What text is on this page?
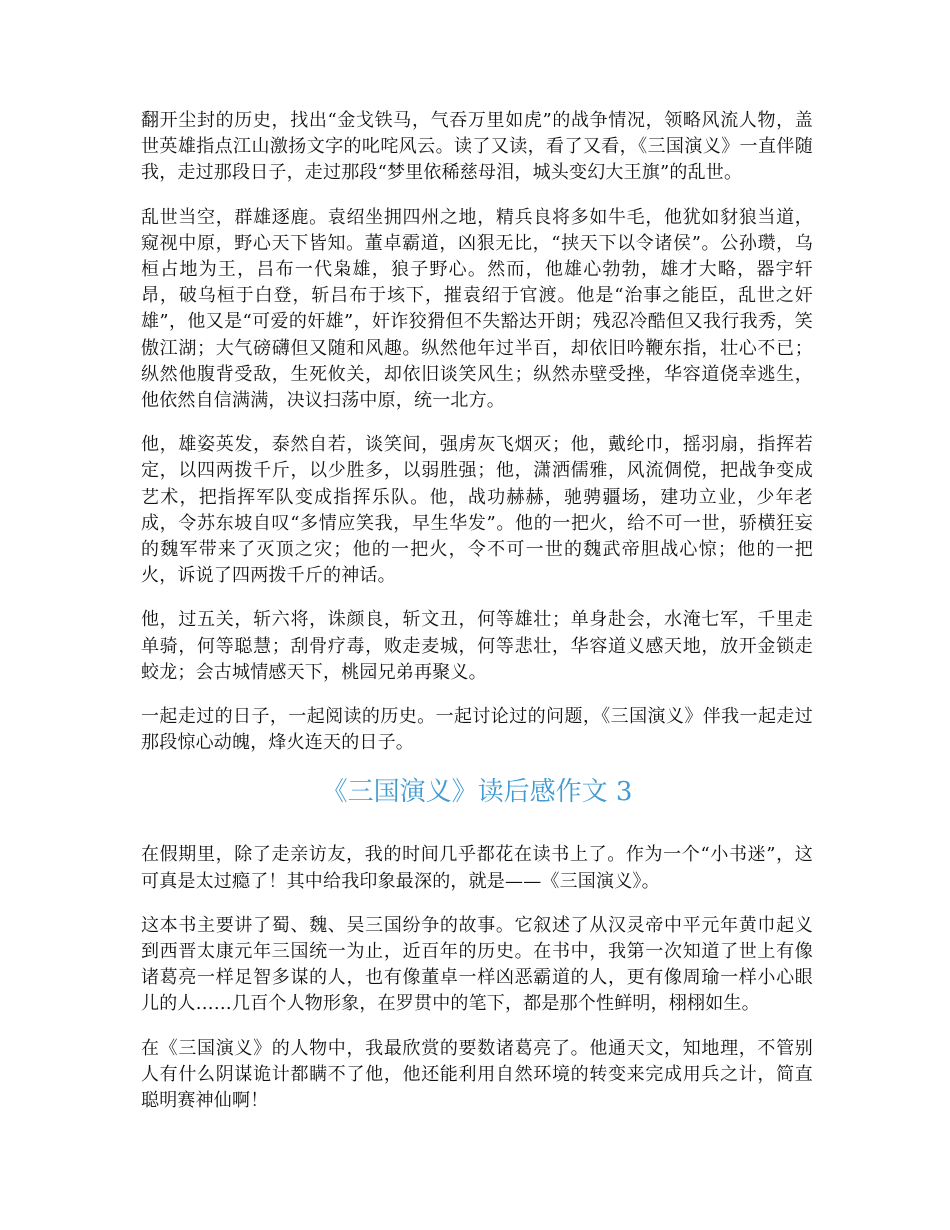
翻开尘封的历史，找出“金戈铁马，气吞万里如虎”的战争情况，领略风流人物，盖世英雄指点江山激扬文字的叱咤风云。读了又读，看了又看，《三国演义》一直伴随我，走过那段日子，走过那段“梦里依稀慈母泪，城头变幻大王旗”的乱世。

乱世当空，群雄逐鹿。袁绍坐拥四州之地，精兵良将多如牛毛，他犹如豺狼当道，窥视中原，野心天下皆知。董卓霸道，凶狠无比，“挟天下以令诸侯”。公孙瓒，乌桓占地为王，吕布一代枭雄，狼子野心。然而，他雄心勃勃，雄才大略，器宇轩昂，破乌桓于白登，斩吕布于垓下，摧袁绍于官渡。他是“治事之能臣，乱世之奸雄”，他又是“可爱的奸雄”，奸诈狡猾但不失豁达开朗；残忍冷酷但又我行我秀，笑傲江湖；大气磅礴但又随和风趣。纵然他年过半百，却依旧吟鞭东指，壮心不已；纵然他腹背受敌，生死攸关，却依旧谈笑风生；纵然赤壁受挫，华容道侥幸逃生，他依然自信满满，决议扫荡中原，统一北方。

他，雄姿英发，泰然自若，谈笑间，强虏灰飞烟灭；他，戴纶巾，摇羽扇，指挥若定，以四两拨千斤，以少胜多，以弱胜强；他，潇洒儒雅，风流倜傥，把战争变成艺术，把指挥军队变成指挥乐队。他，战功赫赫，驰骋疆场，建功立业，少年老成，令苏东坡自叹“多情应笑我，早生华发”。他的一把火，给不可一世，骄横狂妄的魏军带来了灭顶之灾；他的一把火，令不可一世的魏武帝胆战心惊；他的一把火，诉说了四两拨千斤的神话。

他，过五关，斩六将，诛颜良，斩文丑，何等雄壮；单身赴会，水淹七军，千里走单骑，何等聪慧；刮骨疗毒，败走麦城，何等悲壮，华容道义感天地，放开金锁走蛟龙；会古城情感天下，桃园兄弟再聚义。

一起走过的日子，一起阅读的历史。一起讨论过的问题，《三国演义》伴我一起走过那段惊心动魄，烽火连天的日子。

《三国演义》读后感作文 3

在假期里，除了走亲访友，我的时间几乎都花在读书上了。作为一个“小书迷”，这可真是太过瘾了！其中给我印象最深的，就是——《三国演义》。

这本书主要讲了蜀、魏、吴三国纷争的故事。它叙述了从汉灵帝中平元年黄巾起义到西晋太康元年三国统一为止，近百年的历史。在书中，我第一次知道了世上有像诸葛亮一样足智多谋的人，也有像董卓一样凶恶霸道的人，更有像周瑜一样小心眼儿的人……几百个人物形象，在罗贯中的笔下，都是那个性鲜明，栩栩如生。

在《三国演义》的人物中，我最欣赏的要数诸葛亮了。他通天文，知地理，不管别人有什么阴谋诡计都瞒不了他，他还能利用自然环境的转变来完成用兵之计，简直聪明赛神仙啊！
